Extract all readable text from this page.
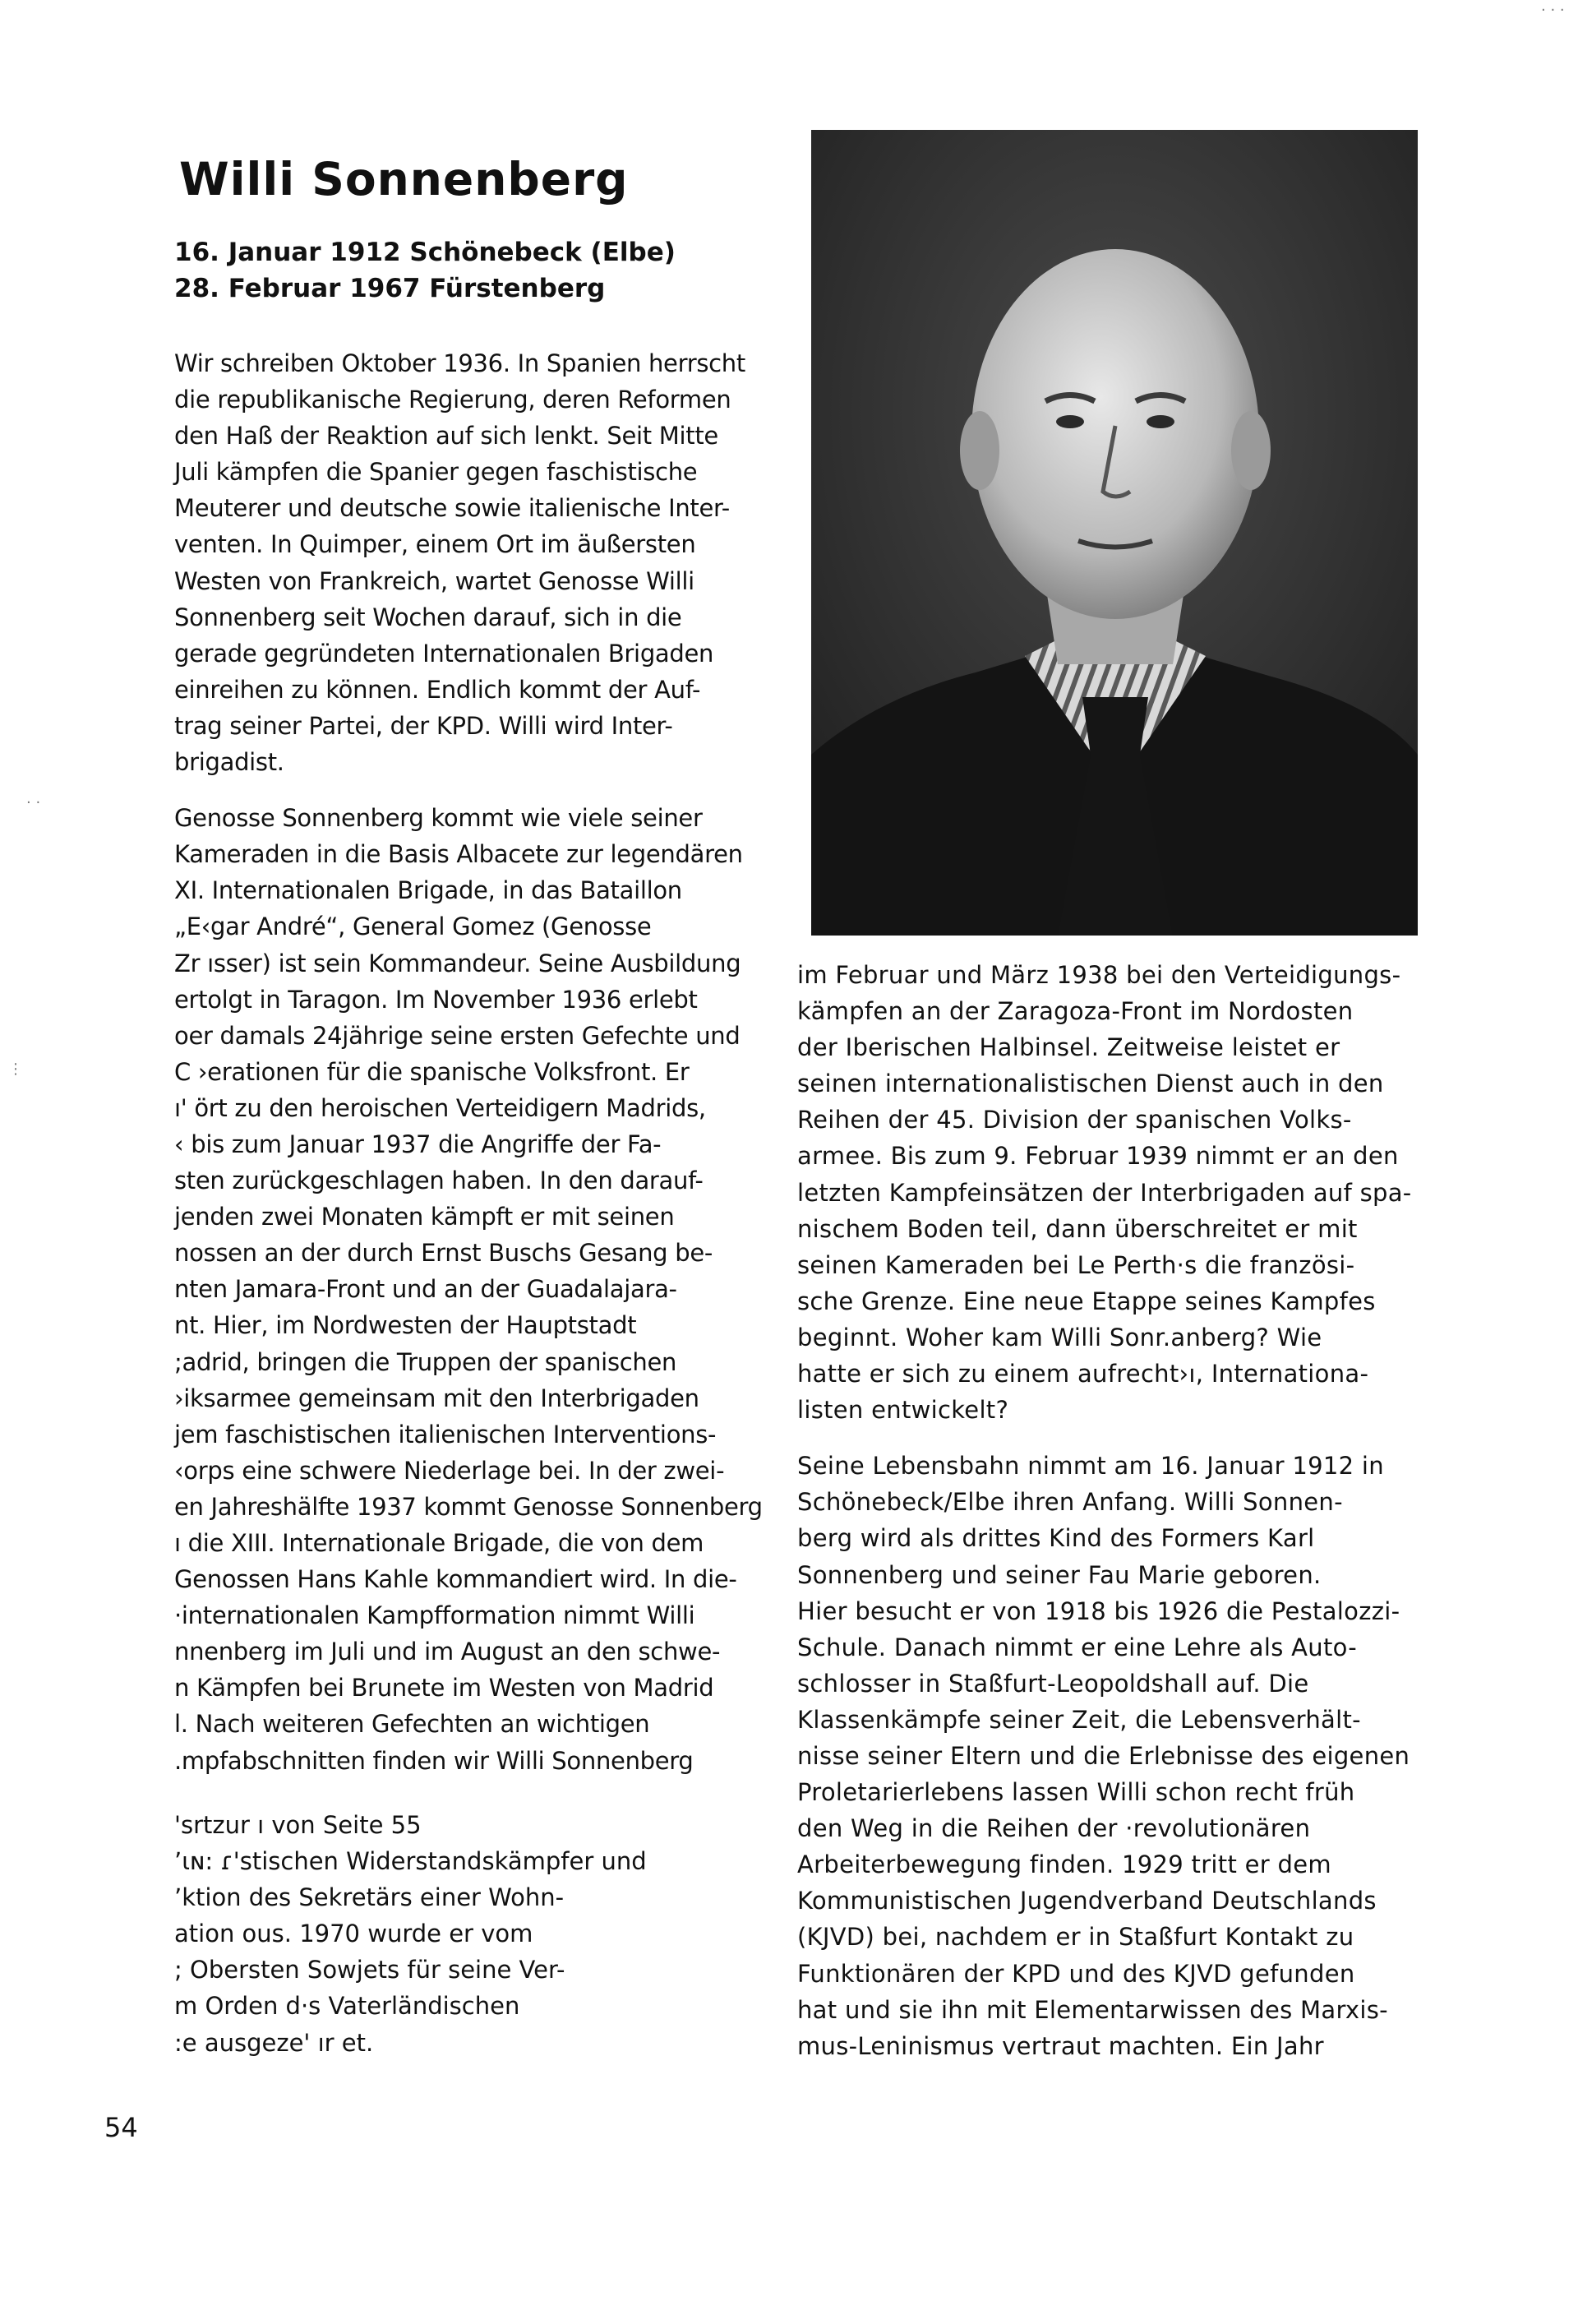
Willi Sonnenberg
16. Januar 1912 Schönebeck (Elbe)
28. Februar 1967 Fürstenberg
Wir schreiben Oktober 1936. In Spanien herrscht
die republikanische Regierung, deren Reformen
den Haß der Reaktion auf sich lenkt. Seit Mitte
Juli kämpfen die Spanier gegen faschistische
Meuterer und deutsche sowie italienische Inter-
venten. In Quimper, einem Ort im äußersten
Westen von Frankreich, wartet Genosse Willi
Sonnenberg seit Wochen darauf, sich in die
gerade gegründeten Internationalen Brigaden
einreihen zu können. Endlich kommt der Auf-
trag seiner Partei, der KPD. Willi wird Inter-
brigadist.
Genosse Sonnenberg kommt wie viele seiner
Kameraden in die Basis Albacete zur legendären
XI. Internationalen Brigade, in das Bataillon
„E‹gar André“, General Gomez (Genosse
Zr ısser) ist sein Kommandeur. Seine Ausbildung
ertolgt in Taragon. Im November 1936 erlebt
oer damals 24jährige seine ersten Gefechte und
C ›erationen für die spanische Volksfront. Er
ı' ört zu den heroischen Verteidigern Madrids,
‹ bis zum Januar 1937 die Angriffe der Fa-
sten zurückgeschlagen haben. In den darauf-
jenden zwei Monaten kämpft er mit seinen
nossen an der durch Ernst Buschs Gesang be-
nten Jamara-Front und an der Guadalajara-
nt. Hier, im Nordwesten der Hauptstadt
;adrid, bringen die Truppen der spanischen
›iksarmee gemeinsam mit den Interbrigaden
jem faschistischen italienischen Interventions-
‹orps eine schwere Niederlage bei. In der zwei-
en Jahreshälfte 1937 kommt Genosse Sonnenberg
ı die XIII. Internationale Brigade, die von dem
Genossen Hans Kahle kommandiert wird. In die-
·internationalen Kampfformation nimmt Willi
nnenberg im Juli und im August an den schwe-
n Kämpfen bei Brunete im Westen von Madrid
l. Nach weiteren Gefechten an wichtigen
.mpfabschnitten finden wir Willi Sonnenberg
'srtzur ı von Seite 55
ʼɩɴ: ɾ'stischen Widerstandskämpfer und
ʼktion des Sekretärs einer Wohn-
ation ous. 1970 wurde er vom
; Obersten Sowjets für seine Ver-
m Orden d·s Vaterländischen
:e ausgeze' ır et.
im Februar und März 1938 bei den Verteidigungs-
kämpfen an der Zaragoza-Front im Nordosten
der Iberischen Halbinsel. Zeitweise leistet er
seinen internationalistischen Dienst auch in den
Reihen der 45. Division der spanischen Volks-
armee. Bis zum 9. Februar 1939 nimmt er an den
letzten Kampfeinsätzen der Interbrigaden auf spa-
nischem Boden teil, dann überschreitet er mit
seinen Kameraden bei Le Perth·s die französi-
sche Grenze. Eine neue Etappe seines Kampfes
beginnt. Woher kam Willi Sonr.anberg? Wie
hatte er sich zu einem aufrecht›ı, Internationa-
listen entwickelt?
Seine Lebensbahn nimmt am 16. Januar 1912 in
Schönebeck/Elbe ihren Anfang. Willi Sonnen-
berg wird als drittes Kind des Formers Karl
Sonnenberg und seiner Fau Marie geboren.
Hier besucht er von 1918 bis 1926 die Pestalozzi-
Schule. Danach nimmt er eine Lehre als Auto-
schlosser in Staßfurt-Leopoldshall auf. Die
Klassenkämpfe seiner Zeit, die Lebensverhält-
nisse seiner Eltern und die Erlebnisse des eigenen
Proletarierlebens lassen Willi schon recht früh
den Weg in die Reihen der ·revolutionären
Arbeiterbewegung finden. 1929 tritt er dem
Kommunistischen Jugendverband Deutschlands
(KJVD) bei, nachdem er in Staßfurt Kontakt zu
Funktionären der KPD und des KJVD gefunden
hat und sie ihn mit Elementarwissen des Marxis-
mus-Leninismus vertraut machten. Ein Jahr
54
· · ·
· ·
⋮
